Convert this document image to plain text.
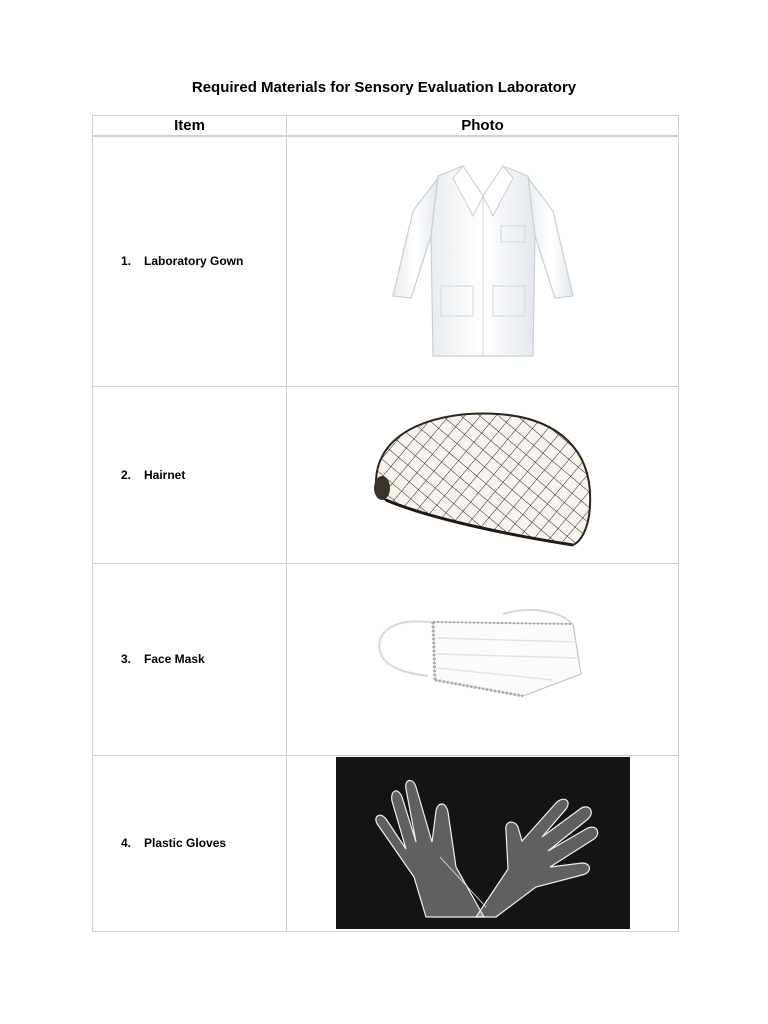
Required Materials for Sensory Evaluation Laboratory
Item	Photo

1. Laboratory Gown

2. Hairnet

3. Face Mask

4. Plastic Gloves
